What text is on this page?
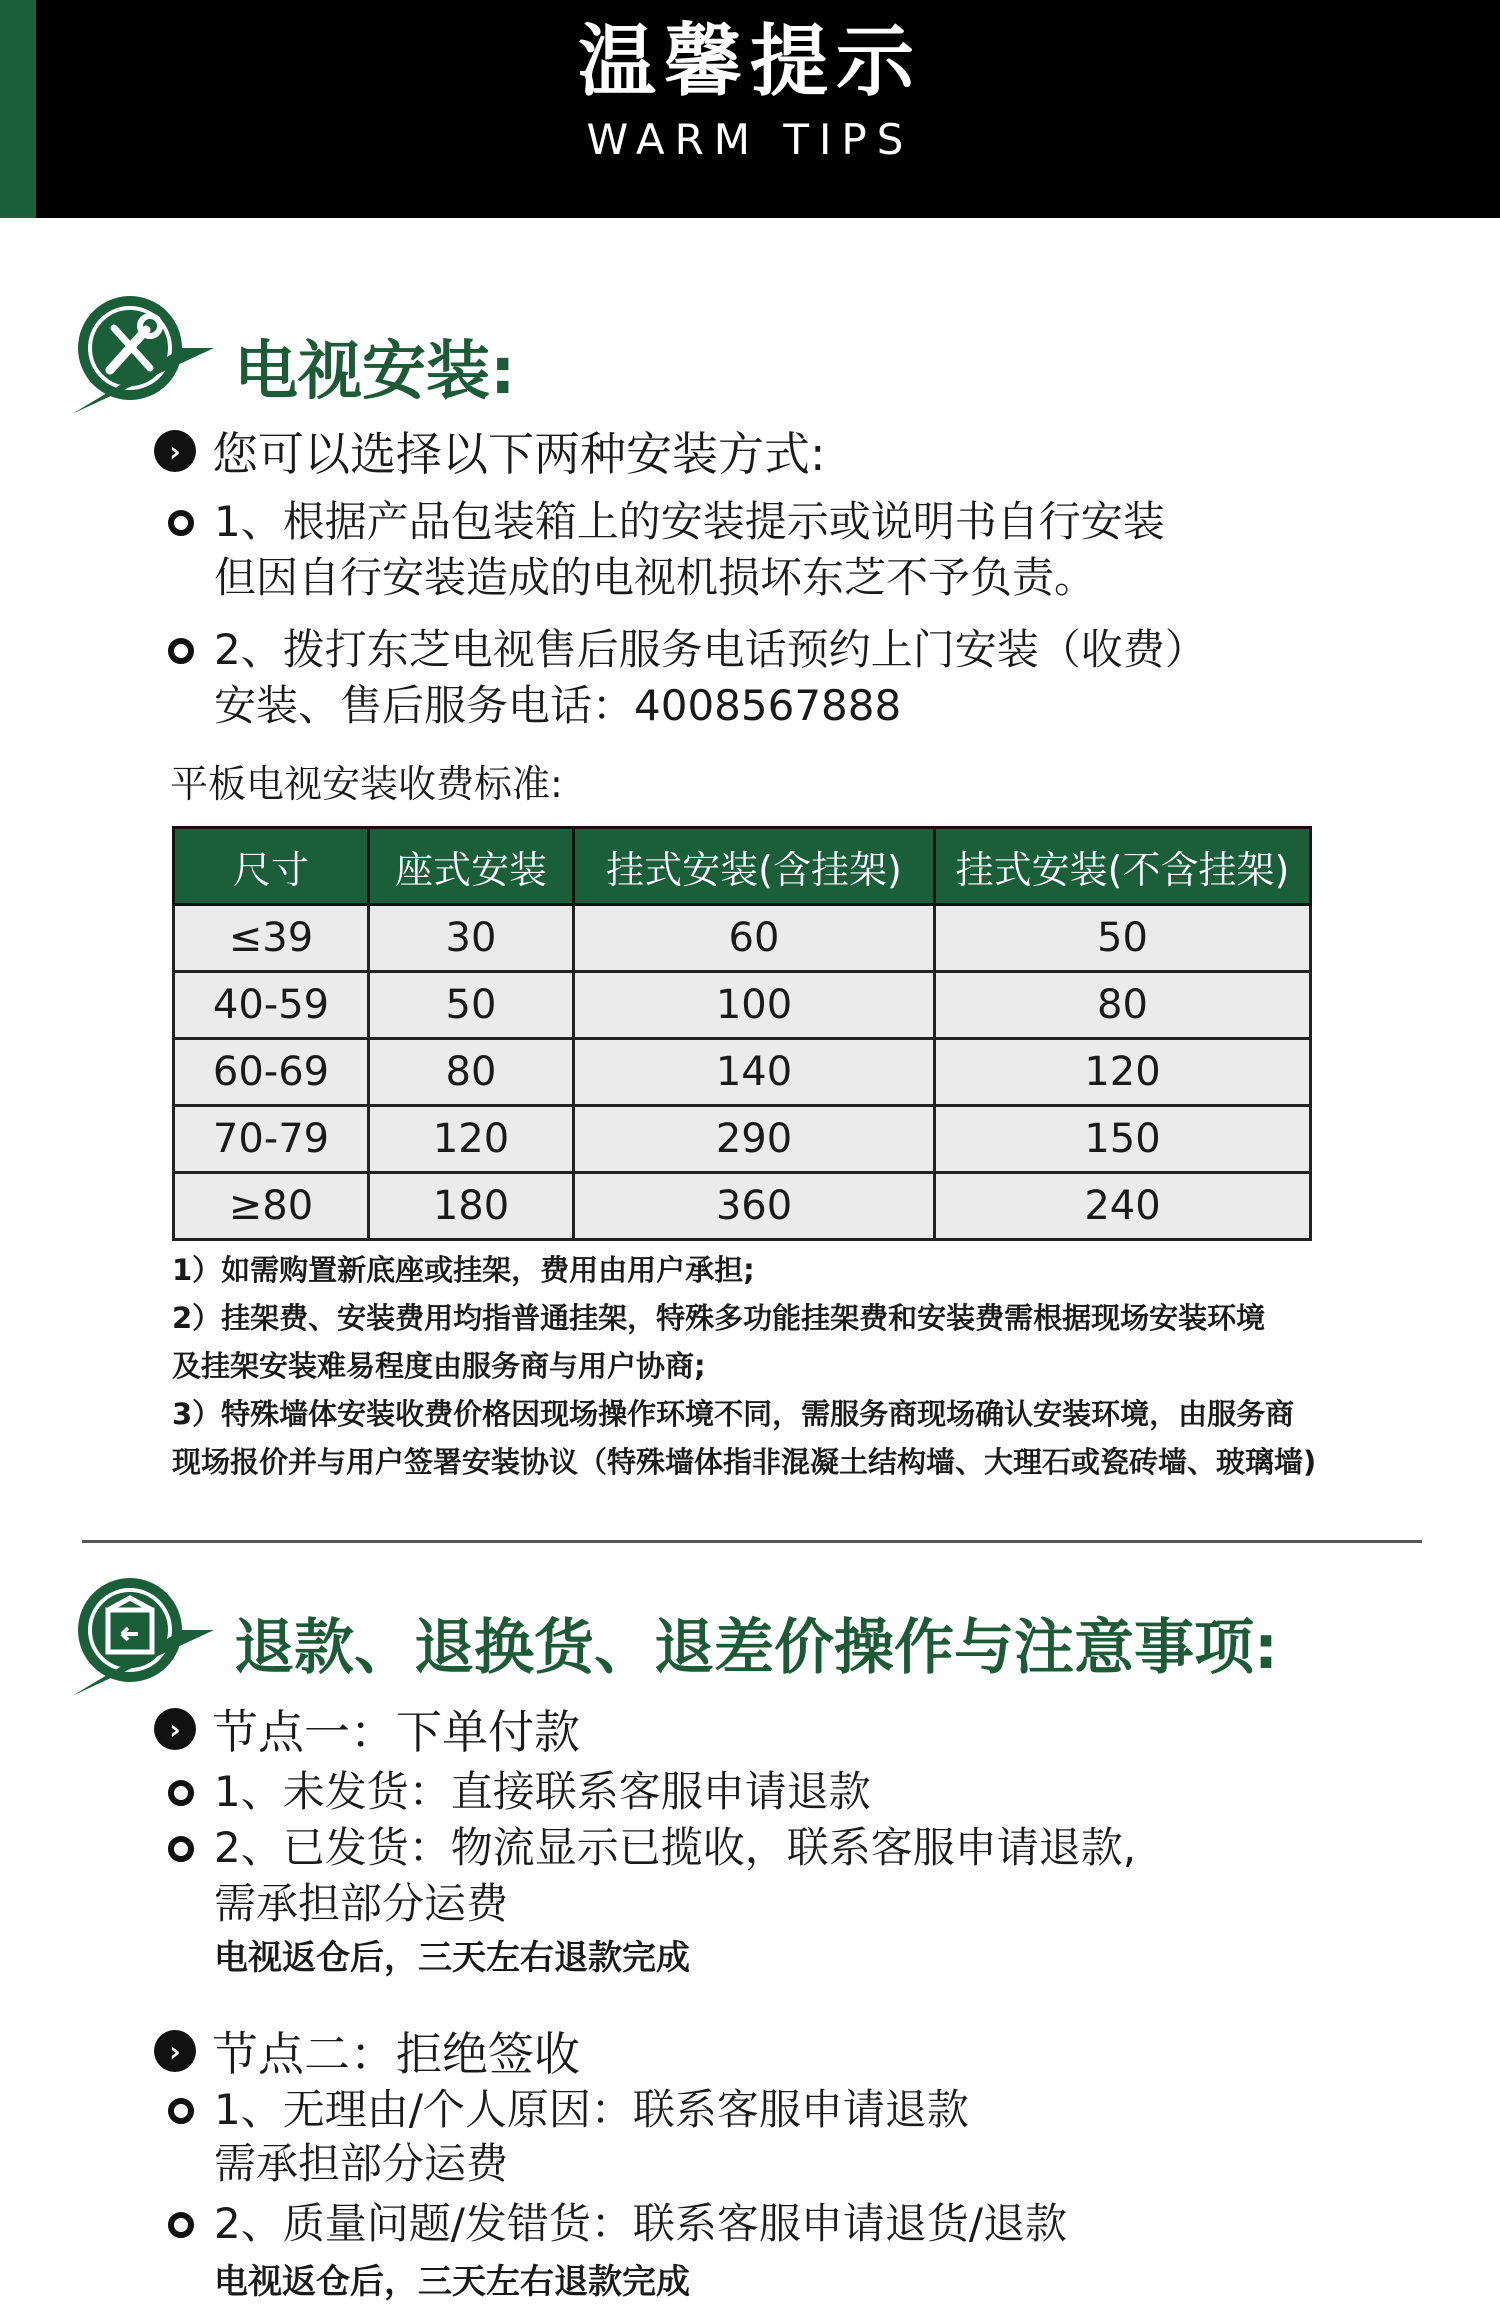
温馨提示
WARM TIPS
电视安装:
› 您可以选择以下两种安装方式:
1、根据产品包装箱上的安装提示或说明书自行安装
但因自行安装造成的电视机损坏东芝不予负责。
2、拨打东芝电视售后服务电话预约上门安装（收费）
安装、售后服务电话：4008567888
平板电视安装收费标准:
尺寸	座式安装	挂式安装(含挂架)	挂式安装(不含挂架)
≤39	30	60	50
40-59	50	100	80
60-69	80	140	120
70-79	120	290	150
≥80	180	360	240
1）如需购置新底座或挂架，费用由用户承担;
2）挂架费、安装费用均指普通挂架，特殊多功能挂架费和安装费需根据现场安装环境
及挂架安装难易程度由服务商与用户协商;
3）特殊墙体安装收费价格因现场操作环境不同，需服务商现场确认安装环境，由服务商
现场报价并与用户签署安装协议（特殊墙体指非混凝土结构墙、大理石或瓷砖墙、玻璃墙)
退款、退换货、退差价操作与注意事项:
› 节点一：下单付款
1、未发货：直接联系客服申请退款
2、已发货：物流显示已揽收，联系客服申请退款,
需承担部分运费
电视返仓后，三天左右退款完成
› 节点二：拒绝签收
1、无理由/个人原因：联系客服申请退款
需承担部分运费
2、质量问题/发错货：联系客服申请退货/退款
电视返仓后，三天左右退款完成
